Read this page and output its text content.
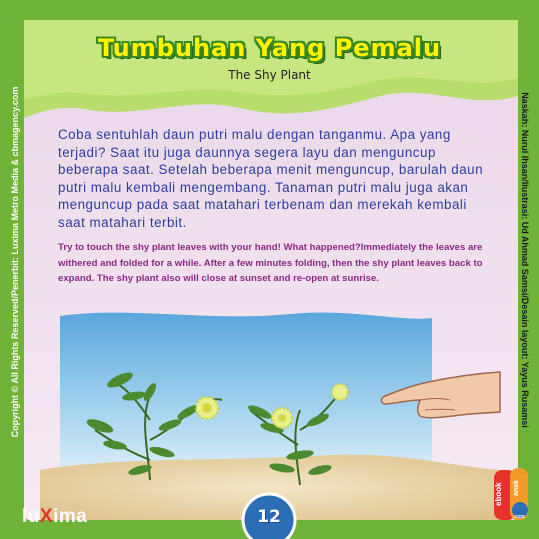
Tumbuhan Yang Pemalu
The Shy Plant
Coba sentuhlah daun putri malu dengan tanganmu. Apa yang terjadi? Saat itu juga daunnya segera layu dan menguncup beberapa saat. Setelah beberapa menit menguncup, barulah daun putri malu kembali mengembang. Tanaman putri malu juga akan menguncup pada saat matahari terbenam dan merekah kembali saat matahari terbit.
Try to touch the shy plant leaves with your hand! What happened?Immediately the leaves are withered and folded for a while. After a few minutes folding, then the shy plant leaves back to expand. The shy plant also will close at sunset and re-open at sunrise.
Copyright © All Rights Reserved/Penerbit: Luxima Metro Media & cbmagency.com	Naskah: Nurul Ihsan/Ilustrasi: Ud Ahmad Samsi/Desain layout: Yayus Rusamsi
luXima	12
ebook anak
.com
